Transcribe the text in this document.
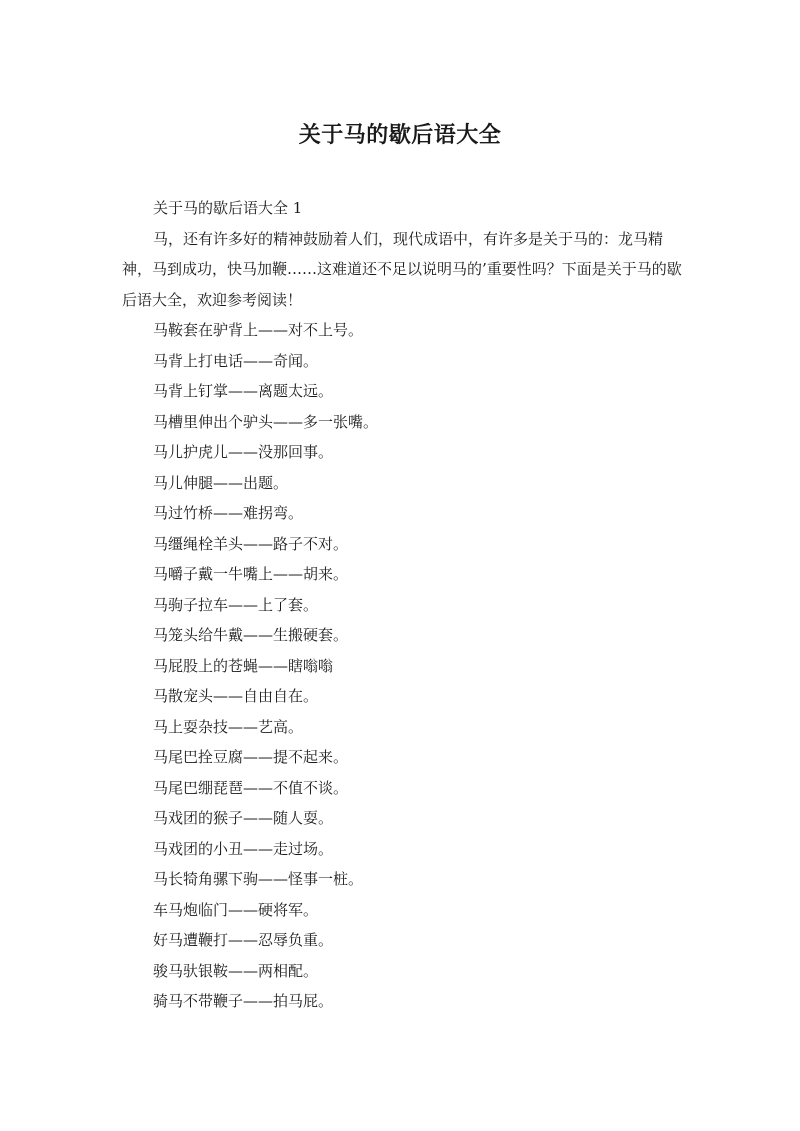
关于马的歇后语大全

关于马的歇后语大全 1

马，还有许多好的精神鼓励着人们，现代成语中，有许多是关于马的：龙马精神，马到成功，快马加鞭……这难道还不足以说明马的’重要性吗？下面是关于马的歇后语大全，欢迎参考阅读！

马鞍套在驴背上——对不上号。

马背上打电话——奇闻。

马背上钉掌——离题太远。

马槽里伸出个驴头——多一张嘴。

马儿护虎儿——没那回事。

马儿伸腿——出题。

马过竹桥——难拐弯。

马缰绳栓羊头——路子不对。

马嚼子戴一牛嘴上——胡来。

马驹子拉车——上了套。

马笼头给牛戴——生搬硬套。

马屁股上的苍蝇——瞎嗡嗡

马散宠头——自由自在。

马上耍杂技——艺高。

马尾巴拴豆腐——提不起来。

马尾巴绷琵琶——不值不谈。

马戏团的猴子——随人耍。

马戏团的小丑——走过场。

马长犄角骡下驹——怪事一桩。

车马炮临门——硬将军。

好马遭鞭打——忍辱负重。

骏马驮银鞍——两相配。

骑马不带鞭子——拍马屁。
